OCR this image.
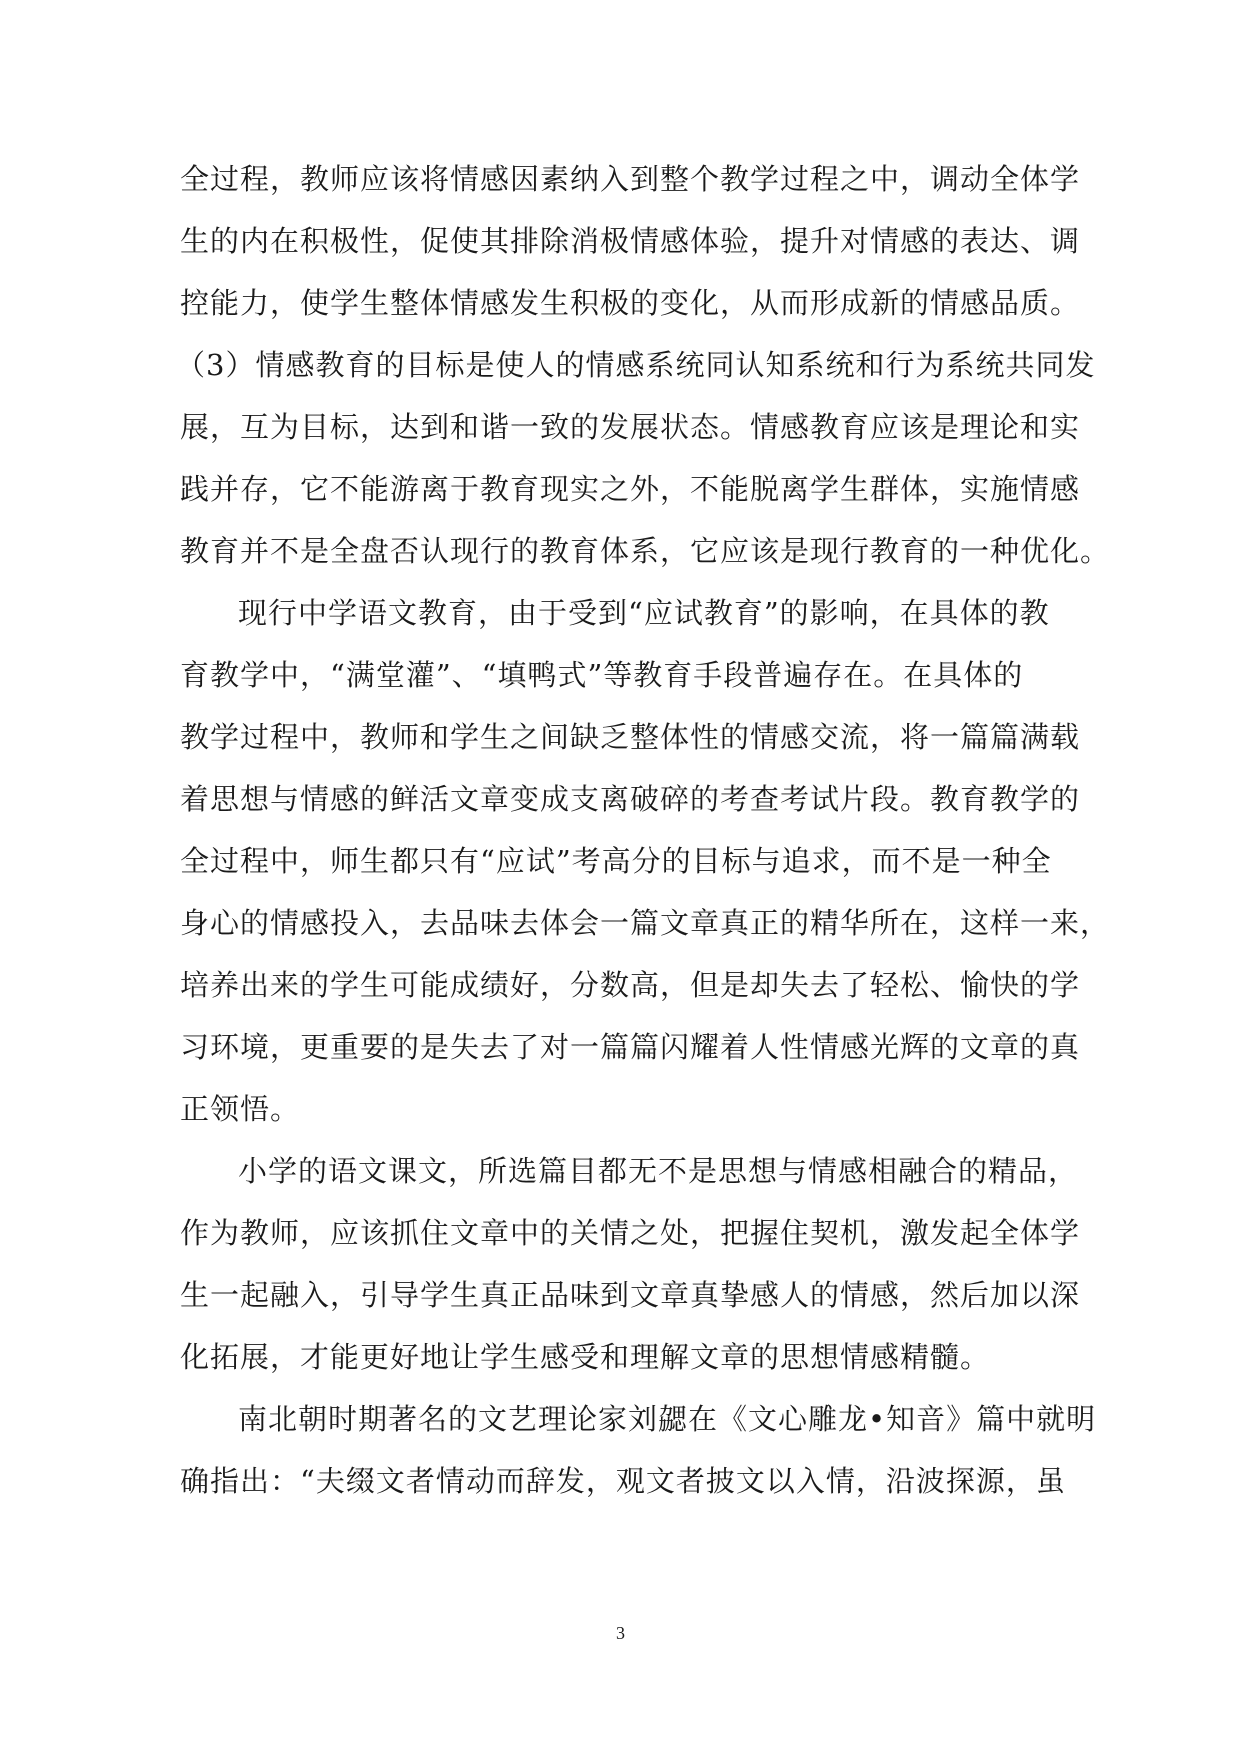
全过程，教师应该将情感因素纳入到整个教学过程之中，调动全体学
生的内在积极性，促使其排除消极情感体验，提升对情感的表达、调
控能力，使学生整体情感发生积极的变化，从而形成新的情感品质。
（3）情感教育的目标是使人的情感系统同认知系统和行为系统共同发
展，互为目标，达到和谐一致的发展状态。情感教育应该是理论和实
践并存，它不能游离于教育现实之外，不能脱离学生群体，实施情感
教育并不是全盘否认现行的教育体系，它应该是现行教育的一种优化。
现行中学语文教育，由于受到“应试教育”的影响，在具体的教
育教学中，“满堂灌”、“填鸭式”等教育手段普遍存在。在具体的
教学过程中，教师和学生之间缺乏整体性的情感交流，将一篇篇满载
着思想与情感的鲜活文章变成支离破碎的考查考试片段。教育教学的
全过程中，师生都只有“应试”考高分的目标与追求，而不是一种全
身心的情感投入，去品味去体会一篇文章真正的精华所在，这样一来，
培养出来的学生可能成绩好，分数高，但是却失去了轻松、愉快的学
习环境，更重要的是失去了对一篇篇闪耀着人性情感光辉的文章的真
正领悟。
小学的语文课文，所选篇目都无不是思想与情感相融合的精品，
作为教师，应该抓住文章中的关情之处，把握住契机，激发起全体学
生一起融入，引导学生真正品味到文章真挚感人的情感，然后加以深
化拓展，才能更好地让学生感受和理解文章的思想情感精髓。
南北朝时期著名的文艺理论家刘勰在《文心雕龙•知音》篇中就明
确指出：“夫缀文者情动而辞发，观文者披文以入情，沿波探源，虽
3
